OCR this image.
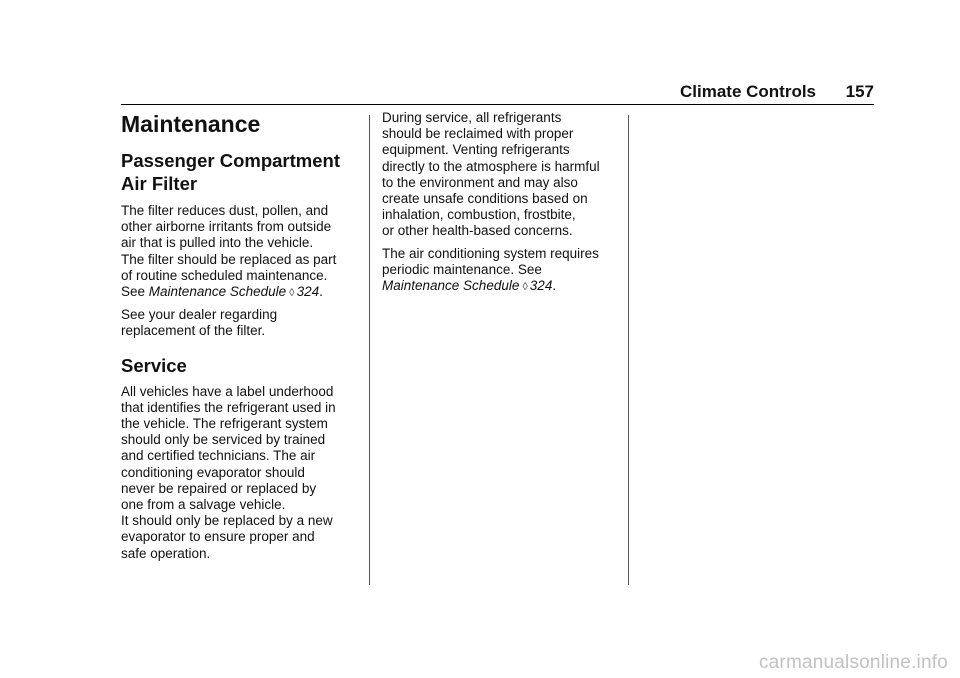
Climate Controls 157
Maintenance
Passenger Compartment
Air Filter

The filter reduces dust, pollen, and
other airborne irritants from outside
air that is pulled into the vehicle.
The filter should be replaced as part
of routine scheduled maintenance.
See Maintenance Schedule ◊ 324.

See your dealer regarding
replacement of the filter.

Service

All vehicles have a label underhood
that identifies the refrigerant used in
the vehicle. The refrigerant system
should only be serviced by trained
and certified technicians. The air
conditioning evaporator should
never be repaired or replaced by
one from a salvage vehicle.
It should only be replaced by a new
evaporator to ensure proper and
safe operation.

During service, all refrigerants
should be reclaimed with proper
equipment. Venting refrigerants
directly to the atmosphere is harmful
to the environment and may also
create unsafe conditions based on
inhalation, combustion, frostbite,
or other health-based concerns.

The air conditioning system requires
periodic maintenance. See
Maintenance Schedule ◊ 324.

carmanualsonline.info
